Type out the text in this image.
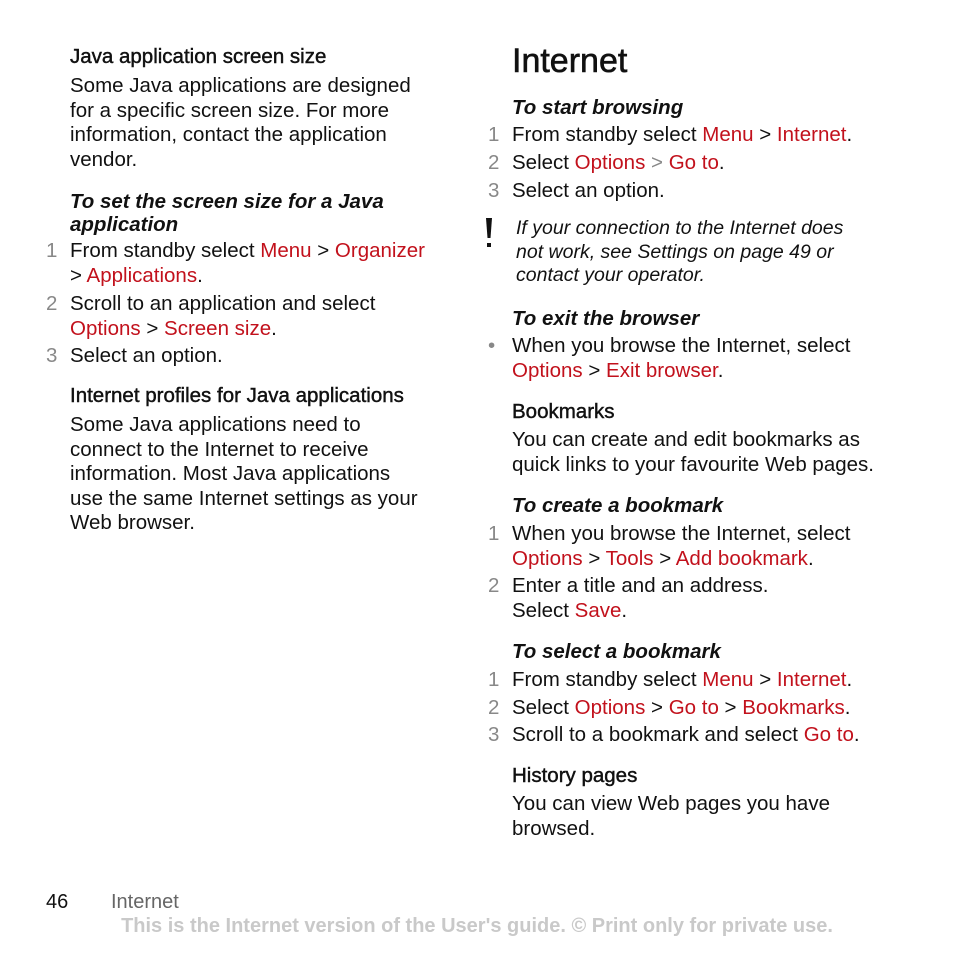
Java application screen size
Some Java applications are designed
for a specific screen size. For more
information, contact the application
vendor.
To set the screen size for a Java
application
1 From standby select Menu > Organizer
> Applications.
2 Scroll to an application and select
Options > Screen size.
3 Select an option.
Internet profiles for Java applications
Some Java applications need to
connect to the Internet to receive
information. Most Java applications
use the same Internet settings as your
Web browser.
Internet
To start browsing
1 From standby select Menu > Internet.
2 Select Options > Go to.
3 Select an option.
If your connection to the Internet does
not work, see Settings on page 49 or
contact your operator.
To exit the browser
• When you browse the Internet, select
Options > Exit browser.
Bookmarks
You can create and edit bookmarks as
quick links to your favourite Web pages.
To create a bookmark
1 When you browse the Internet, select
Options > Tools > Add bookmark.
2 Enter a title and an address.
Select Save.
To select a bookmark
1 From standby select Menu > Internet.
2 Select Options > Go to > Bookmarks.
3 Scroll to a bookmark and select Go to.
History pages
You can view Web pages you have
browsed.
46 Internet
This is the Internet version of the User's guide. © Print only for private use.
